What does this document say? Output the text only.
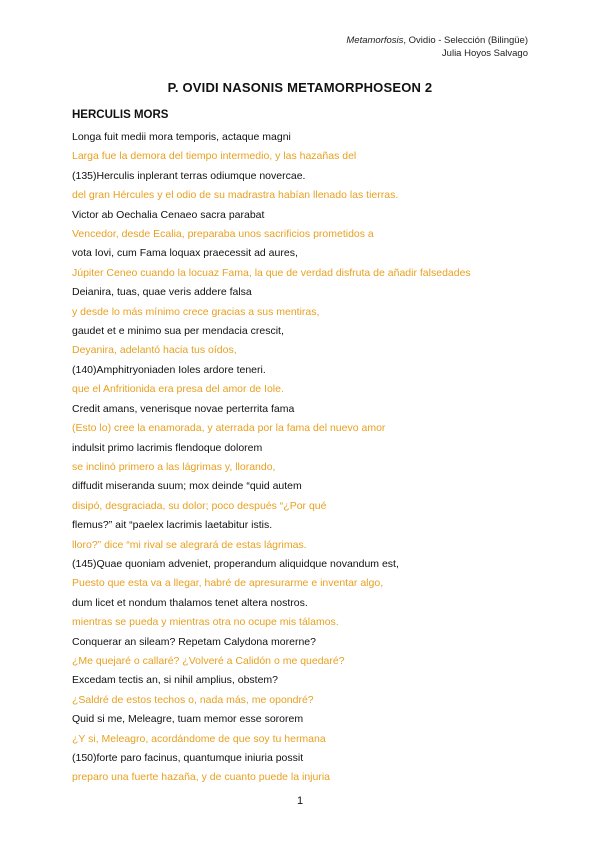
Metamorfosis, Ovidio - Selección (Bilingüe)
Julia Hoyos Salvago
P. OVIDI NASONIS METAMORPHOSEON 2
HERCULIS MORS
Longa fuit medii mora temporis, actaque magni
Larga fue la demora del tiempo intermedio, y las hazañas del
(135)Herculis inplerant terras odiumque novercae.
del gran Hércules y el odio de su madrastra habían llenado las tierras.
Victor ab Oechalia Cenaeo sacra parabat
Vencedor, desde Ecalia, preparaba unos sacrificios prometidos a
vota Iovi, cum Fama loquax praecessit ad aures,
Júpiter Ceneo cuando la locuaz Fama, la que de verdad disfruta de añadir falsedades
Deianira, tuas, quae veris addere falsa
y desde lo más mínimo crece gracias a sus mentiras,
gaudet et e minimo sua per mendacia crescit,
Deyanira, adelantó hacia tus oídos,
(140)Amphitryoniaden Ioles ardore teneri.
que el Anfritionida era presa del amor de Iole.
Credit amans, venerisque novae perterrita fama
(Esto lo) cree la enamorada, y aterrada por la fama del nuevo amor
indulsit primo lacrimis flendoque dolorem
se inclinó primero a las lágrimas y, llorando,
diffudit miseranda suum; mox deinde “quid autem
disipó, desgraciada, su dolor; poco después “¿Por qué
flemus?” ait “paelex lacrimis laetabitur istis.
lloro?” dice “mi rival se alegrará de estas lágrimas.
(145)Quae quoniam adveniet, properandum aliquidque novandum est,
Puesto que esta va a llegar, habré de apresurarme e inventar algo,
dum licet et nondum thalamos tenet altera nostros.
mientras se pueda y mientras otra no ocupe mis tálamos.
Conquerar an sileam? Repetam Calydona morerne?
¿Me quejaré o callaré? ¿Volveré a Calidón o me quedaré?
Excedam tectis an, si nihil amplius, obstem?
¿Saldré de estos techos o, nada más, me opondré?
Quid si me, Meleagre, tuam memor esse sororem
¿Y si, Meleagro, acordándome de que soy tu hermana
(150)forte paro facinus, quantumque iniuria possit
preparo una fuerte hazaña, y de cuanto puede la injuria
1
